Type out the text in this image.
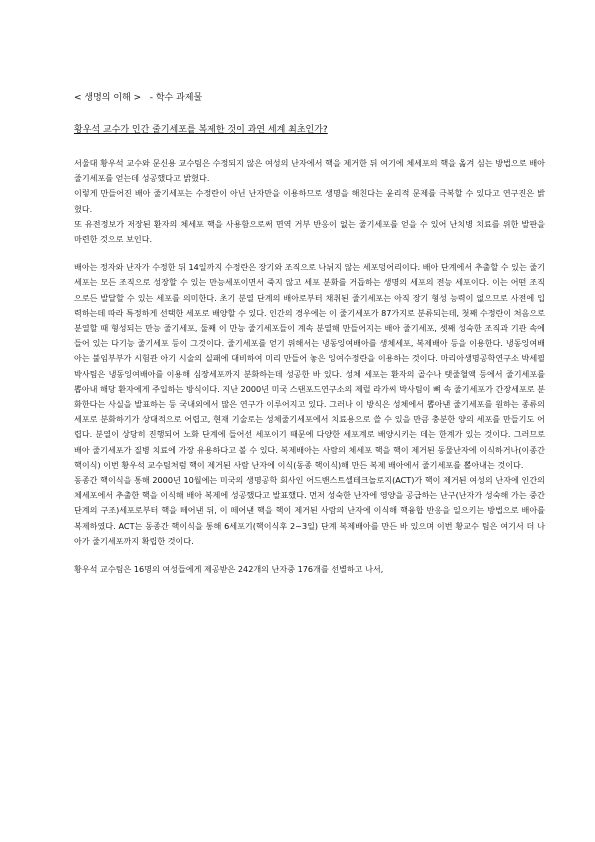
< 생명의 이해 >   - 학수 과제물
황우석 교수가 인간 줄기세포를 복제한 것이 과연 세계 최초인가?

서울대 황우석 교수와 문신용 교수팀은 수정되지 않은 여성의 난자에서 핵을 제거한 뒤 여기에 체세포의 핵을 옮겨 심는 방법으로 배아 줄기세포를 얻는데 성공했다고 밝혔다.

이렇게 만들어진 배아 줄기세포는 수정란이 아닌 난자만을 이용하므로 생명을 해친다는 윤리적 문제를 극복할 수 있다고 연구진은 밝혔다.

또 유전정보가 저장된 환자의 체세포 핵을 사용함으로써 면역 거부 반응이 없는 줄기세포를 얻을 수 있어 난치병 치료를 위한 발판을 마련한 것으로 보인다.

배아는 정자와 난자가 수정한 뒤 14일까지 수정란은 장기와 조직으로 나뉘지 않는 세포덩어리이다. 배아 단계에서 추출할 수 있는 줄기세포는 모든 조직으로 성장할 수 있는 만능세포이면서 죽지 않고 세포 분화를 거듭하는 생명의 세포의 전능 세포이다. 이는 어떤 조직으로든 발달할 수 있는 세포를 의미한다. 초기 분열 단계의 배아로부터 채취된 줄기세포는 아직 장기 형성 능력이 없으므로 사전에 입력하는데 따라 특정하게 선택한 세포로 배양할 수 있다. 인간의 경우에는 이 줄기세포가 87가지로 분류되는데, 첫째 수정란이 처음으로 분열할 때 형성되는 만능 줄기세포, 둘째 이 만능 줄기세포들이 계속 분열해 만들어지는 배아 줄기세포, 셋째 성숙한 조직과 기관 속에 들어 있는 다기능 줄기세포 등이 그것이다. 줄기세포를 얻기 위해서는 냉동잉여배아를 생체세포, 복제배아 등을 이용한다. 냉동잉여배아는 불임부부가 시험관 아기 시술의 실패에 대비하여 미리 만들어 놓은 잉여수정란을 이용하는 것이다. 마리아생명공학연구소 박세필 박사팀은 냉동잉여배아를 이용해 심장세포까지 분화하는데 성공한 바 있다. 성체 세포는 환자의 골수나 탯줄혈액 등에서 줄기세포를 뽑아내 해당 환자에게 주입하는 방식이다. 지난 2000년 미국 스탠포드연구소의 제럴 라가씨 박사팀이 뼈 속 줄기세포가 간장세포로 분화한다는 사실을 발표하는 등 국내외에서 많은 연구가 이루어지고 있다. 그러나 이 방식은 성체에서 뽑아낸 줄기세포를 원하는 종류의 세포로 분화하기가 상대적으로 어렵고, 현재 기술로는 성체줄기세포에서 치료용으로 쓸 수 있을 만큼 충분한 양의 세포를 만들기도 어렵다. 분열이 상당히 진행되어 노화 단계에 들어선 세포이기 때문에 다양한 세포계로 배양시키는 데는 한계가 있는 것이다. 그러므로 배아 줄기세포가 질병 치료에 가장 유용하다고 볼 수 있다. 복제배아는 사람의 체세포 핵을 핵이 제거된 동물난자에 이식하거나(이종간핵이식) 이번 황우석 교수팀처럼 핵이 제거된 사람 난자에 이식(동종 핵이식)해 만든 복제 배아에서 줄기세포를 뽑아내는 것이다.

동종간 핵이식을 통해 2000년 10월에는 미국의 생명공학 회사인 어드밴스트셀테크놀로지(ACT)가 핵이 제거된 여성의 난자에 인간의 체세포에서 추출한 핵을 이식해 배아 복제에 성공했다고 발표했다. 먼저 성숙한 난자에 영양을 공급하는 난구(난자가 성숙해 가는 중간 단계의 구조)세포로부터 핵을 떼어낸 뒤, 이 떼어낸 핵을 핵이 제거된 사람의 난자에 이식해 핵융합 반응을 일으키는 방법으로 배아를 복제하였다. ACT는 동종간 핵이식을 통해 6세포기(핵이식후 2~3일) 단계 복제배아를 만든 바 있으며 이번 황교수 팀은 여기서 더 나아가 줄기세포까지 확립한 것이다.

황우석 교수팀은 16명의 여성들에게 제공받은 242개의 난자중 176개를 선별하고 나서,
